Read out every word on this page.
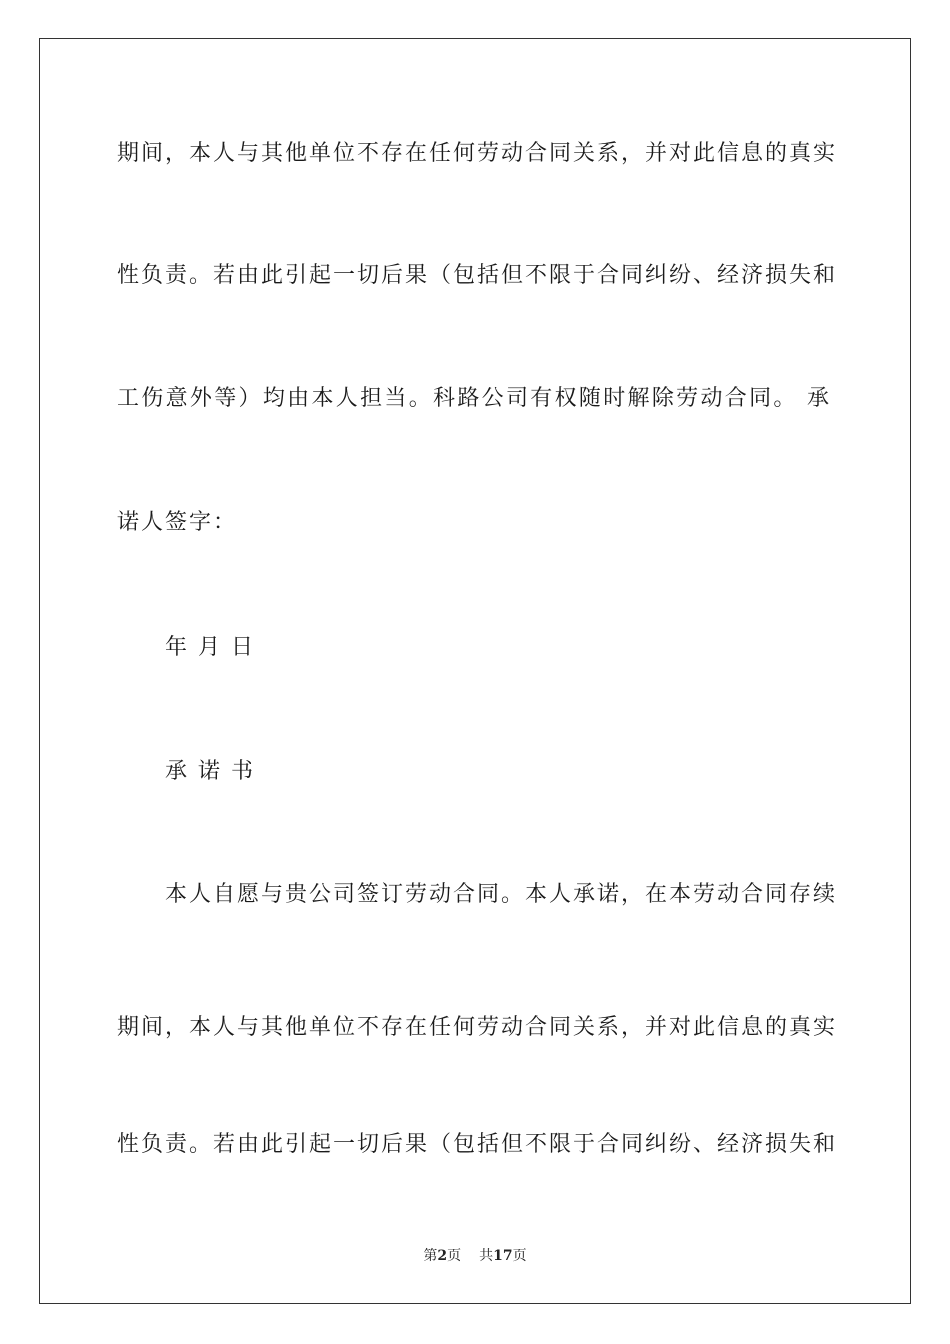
期间，本人与其他单位不存在任何劳动合同关系，并对此信息的真实
性负责。若由此引起一切后果（包括但不限于合同纠纷、经济损失和
工伤意外等）均由本人担当。科路公司有权随时解除劳动合同。 承
诺人签字：
年 月 日
承 诺 书
本人自愿与贵公司签订劳动合同。本人承诺，在本劳动合同存续
期间，本人与其他单位不存在任何劳动合同关系，并对此信息的真实
性负责。若由此引起一切后果（包括但不限于合同纠纷、经济损失和
第2页 共17页
